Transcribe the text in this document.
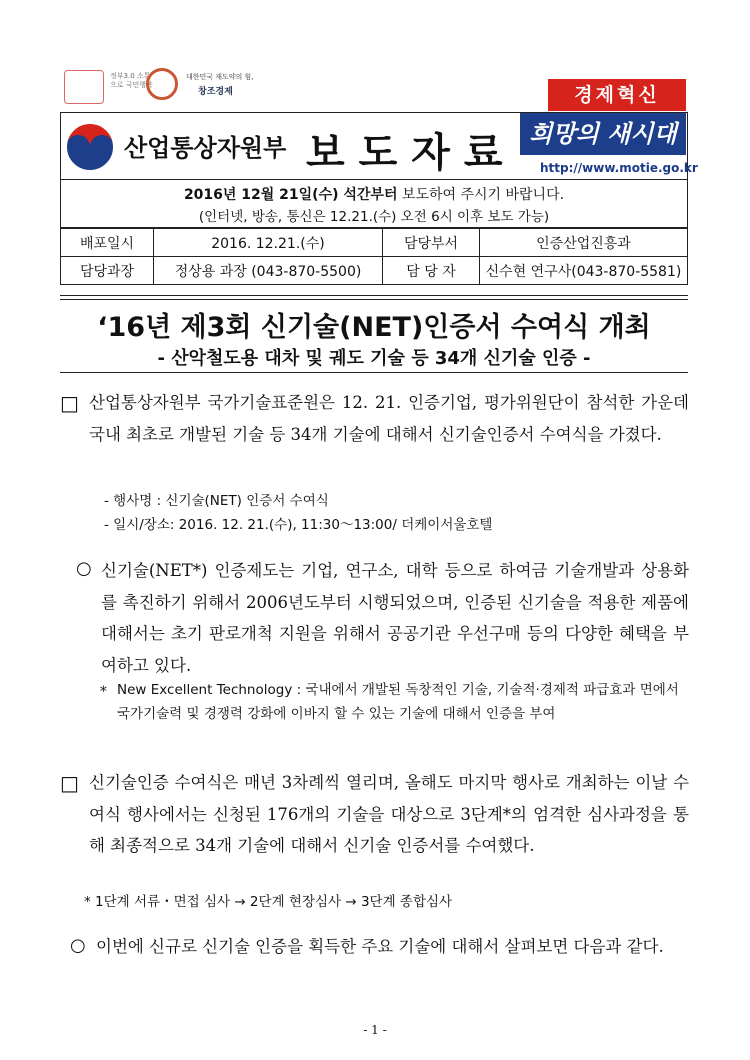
정부3.0 소통으로 국민행복
대한민국 재도약의 힘,
창조경제	경제혁신
산업통상자원부 보도자료 희망의 새시대
http://www.motie.go.kr
2016년 12월 21일(수) 석간부터 보도하여 주시기 바랍니다.
(인터넷, 방송, 통신은 12.21.(수) 오전 6시 이후 보도 가능)
배포일시	2016. 12.21.(수)	담당부서	인증산업진흥과
담당과장	정상용 과장 (043-870-5500)	담 당 자	신수현 연구사(043-870-5581)
‘16년 제3회 신기술(NET)인증서 수여식 개최
- 산악철도용 대차 및 궤도 기술 등 34개 신기술 인증 -
□ 산업통상자원부 국가기술표준원은 12. 21. 인증기업, 평가위원단이 참석한 가운데 국내 최초로 개발된 기술 등 34개 기술에 대해서 신기술인증서 수여식을 가졌다.
- 행사명 : 신기술(NET) 인증서 수여식
- 일시/장소: 2016. 12. 21.(수), 11:30～13:00/ 더케이서울호텔
○ 신기술(NET*) 인증제도는 기업, 연구소, 대학 등으로 하여금 기술개발과 상용화를 촉진하기 위해서 2006년도부터 시행되었으며, 인증된 신기술을 적용한 제품에 대해서는 초기 판로개척 지원을 위해서 공공기관 우선구매 등의 다양한 혜택을 부여하고 있다.
* New Excellent Technology : 국내에서 개발된 독창적인 기술, 기술적·경제적 파급효과 면에서 국가기술력 및 경쟁력 강화에 이바지 할 수 있는 기술에 대해서 인증을 부여
□ 신기술인증 수여식은 매년 3차례씩 열리며, 올해도 마지막 행사로 개최하는 이날 수여식 행사에서는 신청된 176개의 기술을 대상으로 3단계*의 엄격한 심사과정을 통해 최종적으로 34개 기술에 대해서 신기술 인증서를 수여했다.
* 1단계 서류・면접 심사 → 2단계 현장심사 → 3단계 종합심사
○ 이번에 신규로 신기술 인증을 획득한 주요 기술에 대해서 살펴보면 다음과 같다.
- 1 -
